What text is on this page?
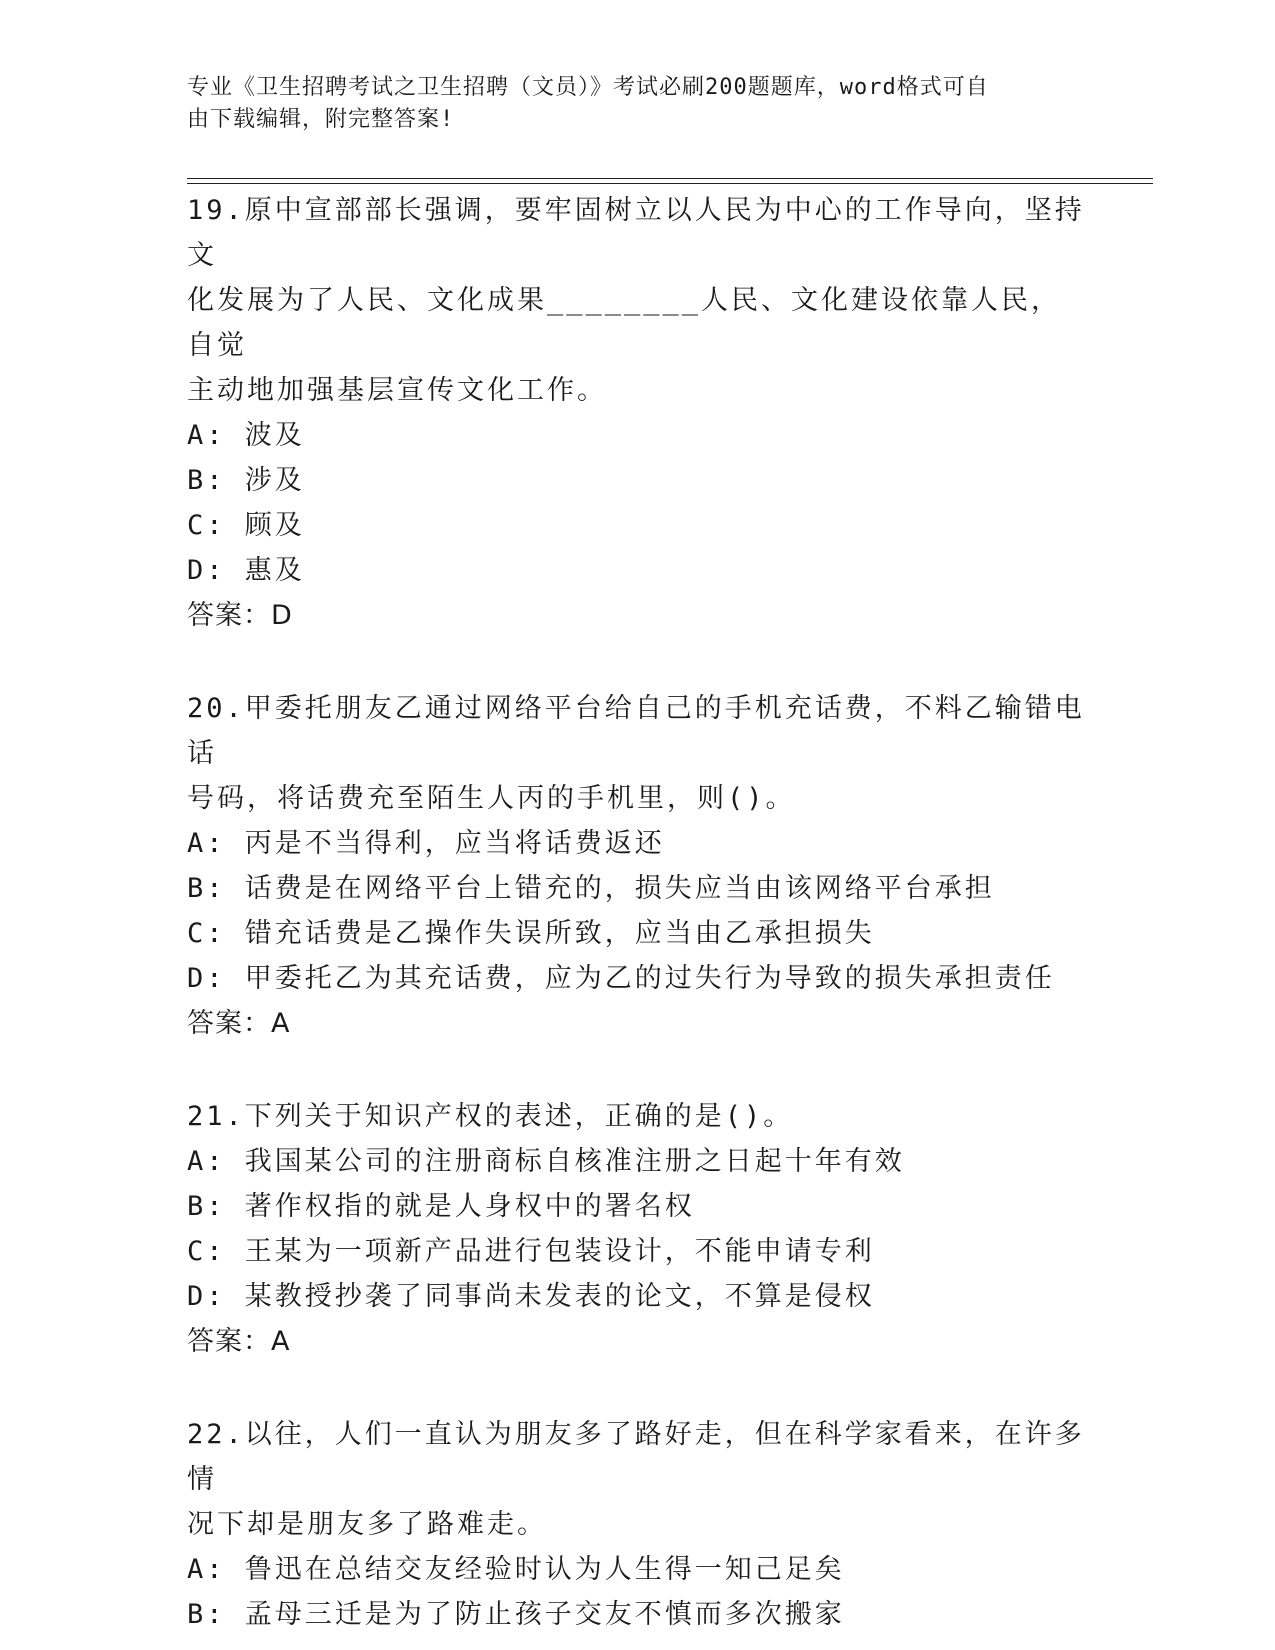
专业《卫生招聘考试之卫生招聘（文员）》考试必刷200题题库，word格式可自
由下载编辑，附完整答案!
19.原中宣部部长强调，要牢固树立以人民为中心的工作导向，坚持文
化发展为了人民、文化成果________人民、文化建设依靠人民，自觉
主动地加强基层宣传文化工作。
A: 波及
B: 涉及
C: 顾及
D: 惠及
答案：D
20.甲委托朋友乙通过网络平台给自己的手机充话费，不料乙输错电话
号码，将话费充至陌生人丙的手机里，则()。
A: 丙是不当得利，应当将话费返还
B: 话费是在网络平台上错充的，损失应当由该网络平台承担
C: 错充话费是乙操作失误所致，应当由乙承担损失
D: 甲委托乙为其充话费，应为乙的过失行为导致的损失承担责任
答案：A
21.下列关于知识产权的表述，正确的是()。
A: 我国某公司的注册商标自核准注册之日起十年有效
B: 著作权指的就是人身权中的署名权
C: 王某为一项新产品进行包装设计，不能申请专利
D: 某教授抄袭了同事尚未发表的论文，不算是侵权
答案：A
22.以往，人们一直认为朋友多了路好走，但在科学家看来，在许多情
况下却是朋友多了路难走。
A: 鲁迅在总结交友经验时认为人生得一知己足矣
B: 孟母三迁是为了防止孩子交友不慎而多次搬家
